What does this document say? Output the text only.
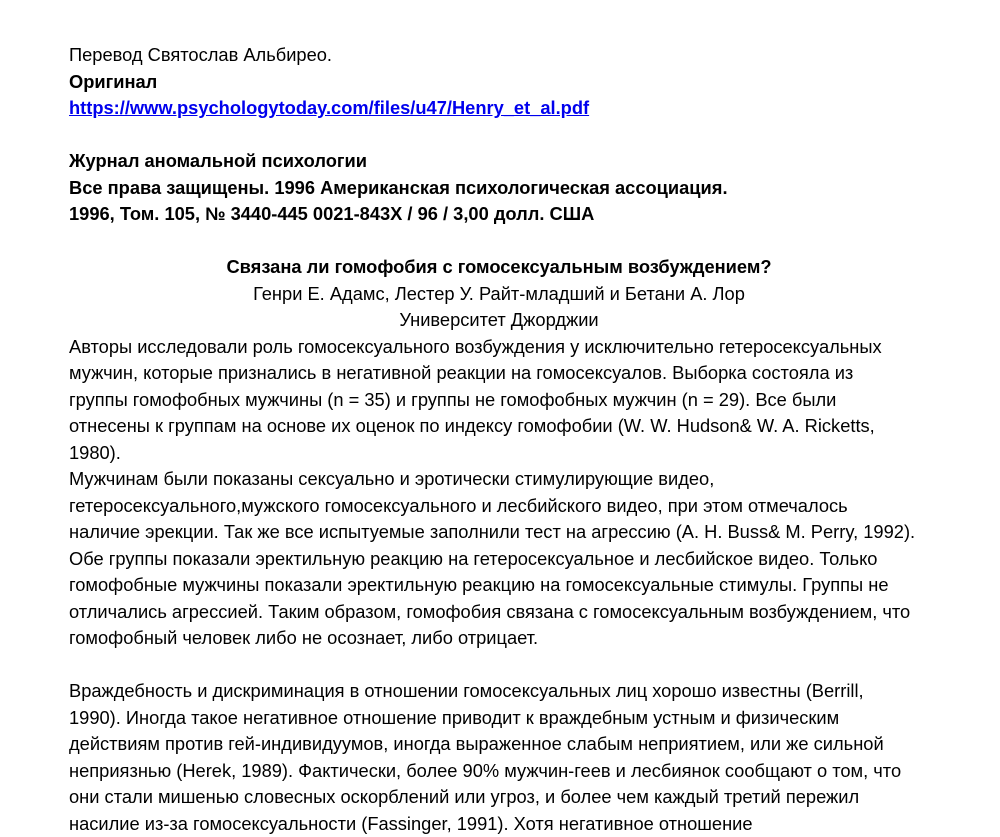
Перевод Святослав Альбирео.
Оригинал
https://www.psychologytoday.com/files/u47/Henry_et_al.pdf
Журнал аномальной психологии
Все права защищены. 1996 Американская психологическая ассоциация.
1996, Том. 105, № 3440-445 0021-843X / 96 / 3,00 долл. США
Связана ли гомофобия с гомосексуальным возбуждением?
Генри Е. Адамс, Лестер У. Райт-младший и Бетани А. Лор
Университет Джорджии
Авторы исследовали роль гомосексуального возбуждения у исключительно гетеросексуальных
мужчин, которые признались в негативной реакции на гомосексуалов. Выборка состояла из
группы гомофобных мужчины (n = 35) и группы не гомофобных мужчин (n = 29). Все были
отнесены к группам на основе их оценок по индексу гомофобии (W. W. Hudson& W. A. Ricketts,
1980).
Мужчинам были показаны сексуально и эротически стимулирующие видео,
гетеросексуального,мужского гомосексуального и лесбийского видео, при этом отмечалось
наличие эрекции. Так же все испытуемые заполнили тест на агрессию (A. H. Buss& M. Perry, 1992).
Обе группы показали эректильную реакцию на гетеросексуальное и лесбийское видео. Только
гомофобные мужчины показали эректильную реакцию на гомосексуальные стимулы. Группы не
отличались агрессией. Таким образом, гомофобия связана с гомосексуальным возбуждением, что
гомофобный человек либо не осознает, либо отрицает.
Враждебность и дискриминация в отношении гомосексуальных лиц хорошо известны (Berrill,
1990). Иногда такое негативное отношение приводит к враждебным устным и физическим
действиям против гей-индивидуумов, иногда выраженное слабым неприятием, или же сильной
неприязнью (Herek, 1989). Фактически, более 90% мужчин-геев и лесбиянок сообщают о том, что
они стали мишенью словесных оскорблений или угроз, и более чем каждый третий пережил
насилие из-за гомосексуальности (Fassinger, 1991). Хотя негативное отношение
